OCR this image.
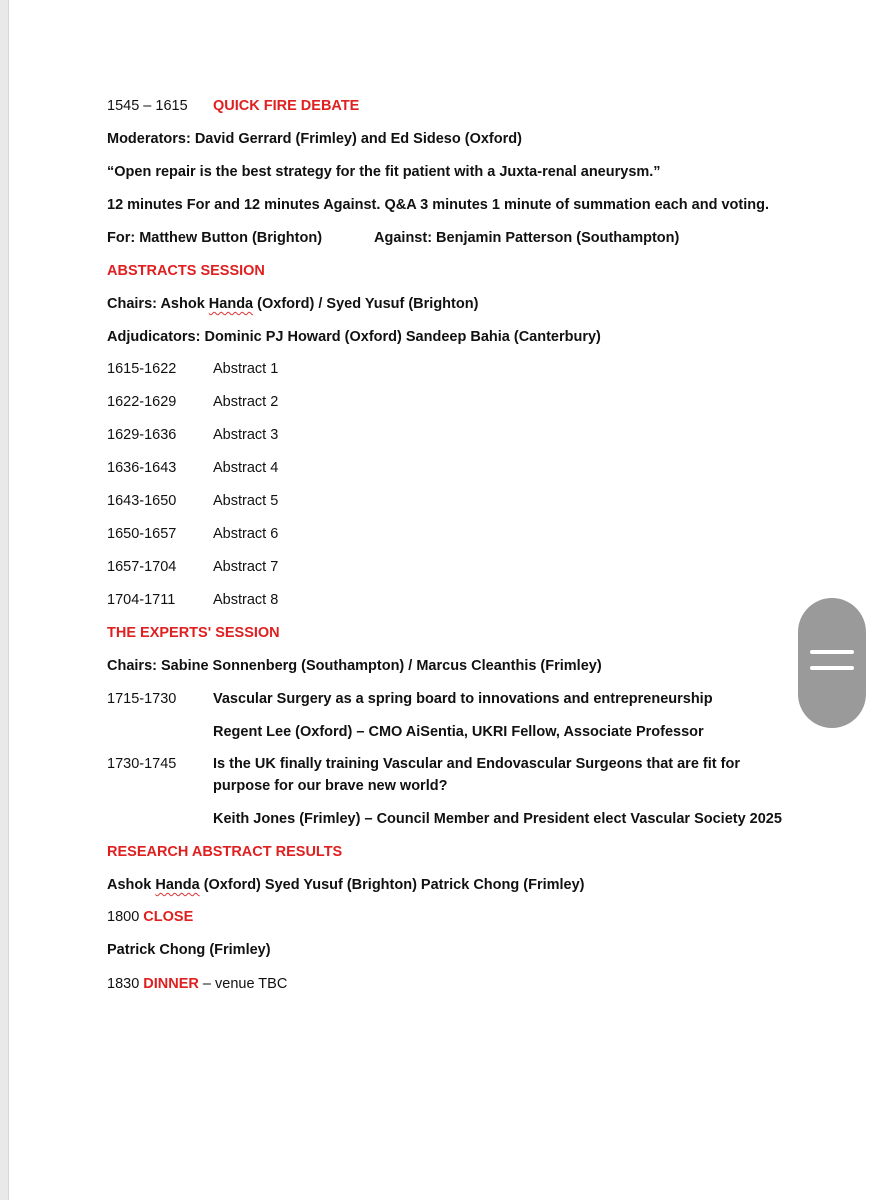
1545 – 1615 QUICK FIRE DEBATE
Moderators: David Gerrard (Frimley) and Ed Sideso (Oxford)
“Open repair is the best strategy for the fit patient with a Juxta-renal aneurysm.”
12 minutes For and 12 minutes Against. Q&A 3 minutes 1 minute of summation each and voting.
For: Matthew Button (Brighton)	Against: Benjamin Patterson (Southampton)
ABSTRACTS SESSION
Chairs: Ashok Handa (Oxford) / Syed Yusuf (Brighton)
Adjudicators: Dominic PJ Howard (Oxford) Sandeep Bahia (Canterbury)
1615-1622	Abstract 1
1622-1629	Abstract 2
1629-1636	Abstract 3
1636-1643	Abstract 4
1643-1650	Abstract 5
1650-1657	Abstract 6
1657-1704	Abstract 7
1704-1711	Abstract 8
THE EXPERTS' SESSION
Chairs: Sabine Sonnenberg (Southampton) / Marcus Cleanthis (Frimley)
1715-1730	Vascular Surgery as a spring board to innovations and entrepreneurship
Regent Lee (Oxford) – CMO AiSentia, UKRI Fellow, Associate Professor
1730-1745	Is the UK finally training Vascular and Endovascular Surgeons that are fit for purpose for our brave new world?
Keith Jones (Frimley) – Council Member and President elect Vascular Society 2025
RESEARCH ABSTRACT RESULTS
Ashok Handa (Oxford) Syed Yusuf (Brighton) Patrick Chong (Frimley)
1800 CLOSE
Patrick Chong (Frimley)
1830 DINNER – venue TBC
